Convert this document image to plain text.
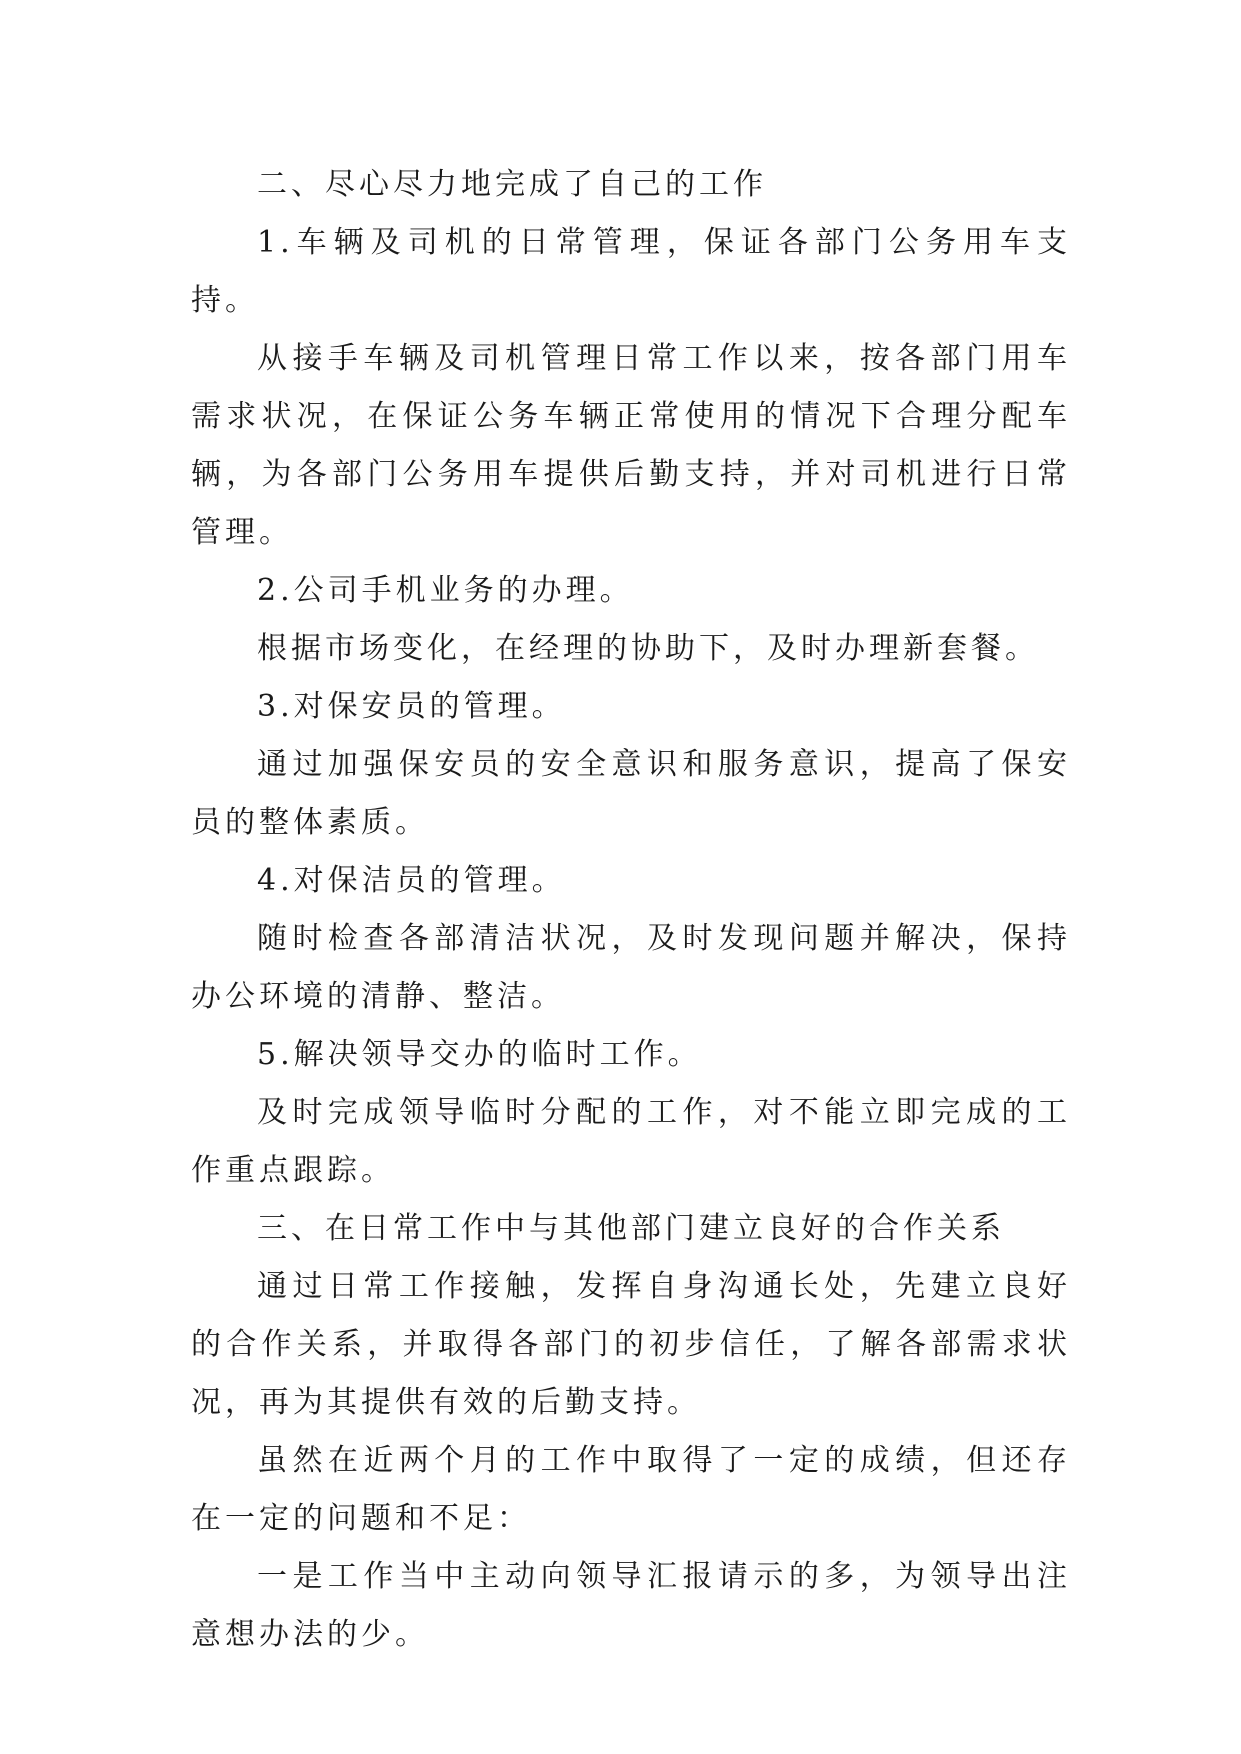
二、尽心尽力地完成了自己的工作

1.车辆及司机的日常管理，保证各部门公务用车支持。

从接手车辆及司机管理日常工作以来，按各部门用车需求状况，在保证公务车辆正常使用的情况下合理分配车辆，为各部门公务用车提供后勤支持，并对司机进行日常管理。

2.公司手机业务的办理。

根据市场变化，在经理的协助下，及时办理新套餐。

3.对保安员的管理。

通过加强保安员的安全意识和服务意识，提高了保安员的整体素质。

4.对保洁员的管理。

随时检查各部清洁状况，及时发现问题并解决，保持办公环境的清静、整洁。

5.解决领导交办的临时工作。

及时完成领导临时分配的工作，对不能立即完成的工作重点跟踪。

三、在日常工作中与其他部门建立良好的合作关系

通过日常工作接触，发挥自身沟通长处，先建立良好的合作关系，并取得各部门的初步信任，了解各部需求状况，再为其提供有效的后勤支持。

虽然在近两个月的工作中取得了一定的成绩，但还存在一定的问题和不足：

一是工作当中主动向领导汇报请示的多，为领导出注意想办法的少。
